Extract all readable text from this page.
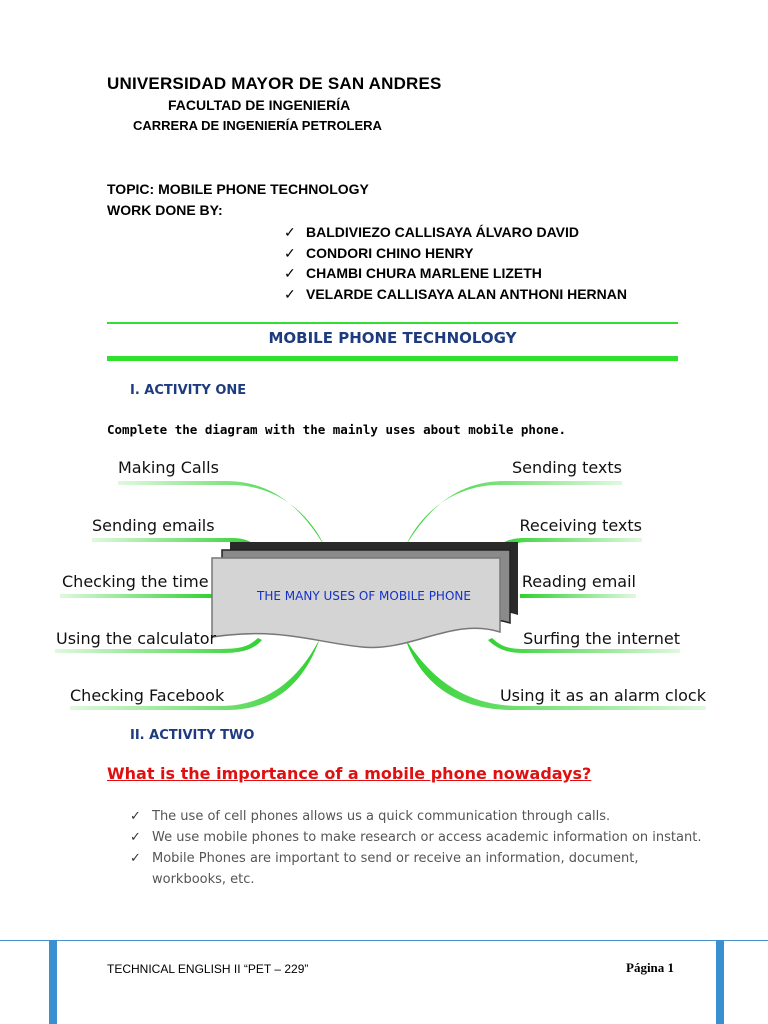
UNIVERSIDAD MAYOR DE SAN ANDRES
FACULTAD DE INGENIERÍA
CARRERA DE INGENIERÍA PETROLERA
TOPIC: MOBILE PHONE TECHNOLOGY
WORK DONE BY:
✓ BALDIVIEZO CALLISAYA ÁLVARO DAVID
✓ CONDORI CHINO HENRY
✓ CHAMBI CHURA MARLENE LIZETH
✓ VELARDE CALLISAYA ALAN ANTHONI HERNAN
MOBILE PHONE TECHNOLOGY
I. ACTIVITY ONE
Complete the diagram with the mainly uses about mobile phone.
THE MANY USES OF MOBILE PHONE
Making Calls
Sending emails
Checking the time
Using the calculator
Checking Facebook
Sending texts
Receiving texts
Reading email
Surfing the internet
Using it as an alarm clock
II. ACTIVITY TWO
What is the importance of a mobile phone nowadays?
✓ The use of cell phones allows us a quick communication through calls.
✓ We use mobile phones to make research or access academic information on instant.
✓ Mobile Phones are important to send or receive an information, document, workbooks, etc.
TECHNICAL ENGLISH II “PET – 229”	Página 1
